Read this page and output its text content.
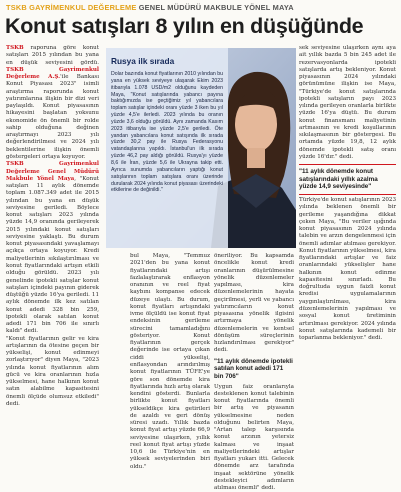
TSKB GAYRİMENKUL DEĞERLEME GENEL MÜDÜRÜ MAKBULE YÖNEL MAYA
Konut satışları 8 yılın en düşüğünde

TSKB raporuna göre konut satışları 2015 yılından bu yana en düşük seviyesini gördü. TSKB Gayrimenkul Değerleme A.Ş.'ile Bankası Konut Piyasası 2023" isimli araştırma raporunda konut yatırımlarına ilişkin bir dizi veri paylaşıldı. Konut piyasasının hikayesini başlatan yoksunu ekonomide ön önemli bir rolde sahip olduğuna değinen araştırmayı 2023 yılı değerlendirilmesi ve 2024 yılı beklentilerine ilişkin önemli göstergeleri ortaya koyuyor.

TSKB Gayrimenkul Değerleme Genel Müdürü Makbule Yönel Maya, "Konut satışları 11 aylık dönemde toplam 1.087.349 adet ile 2015 yılından bu yana en düşük seviyesine geriledi. Böylece konut satışları 2023 yılında yüzde 14,9 oranında gerileyerek 2015 yılındaki konut satışları seviyesine yaklaştı. Bu durum konut piyasasındaki yavaşlamayı açıkça ortaya koyuyor. Kredi maliyetlerinin sıkılaştırılması ve konut fiyatlarındaki artışın etkili olduğu görüldü. 2023 yılı genelinde ipotekli satışlar konut satışları içindeki payının giderek düştüğü yüzde 16'ya geriledi. 11 aylık dönemde ilk kez satılan konut adedi 328 bin 259, ipotekli olarak satılan konut adedi 171 bin 706 ile sınırlı kaldı" dedi.

"Konut fiyatlarının gelir ve kira artışlarının da ötesine geçen bir yükselişi, konut edinmeyi zorlaştırıyor" diyen Maya, "2023 yılında konut fiyatlarının alım gücü ve kira oranlarının hızla yükselmesi, hane halkının konut satın alabilme kapasitesini önemli ölçüde olumsuz etkiledi" dedi.

Rusya ilk sırada

Dolar bazında konut fiyatlarının 2010 yılından bu yana en yüksek seviyeye ulaşarak Ekim 2023 itibarıyla 1.078 USD/m2 olduğunu kaydeden Maya, "Konut satışlarında yabancı payına baktığımızda ise geçtiğimiz yıl yabancılara toplam satışlar içindeki oranı yüzde 3 iken bu yıl yüzde 4,5'e ilerledi. 2023 yılında bu oranın yüzde 3,6 olduğu görüldü. Aynı zamanda Kasım 2023 itibarıyla ise yüzde 2,5'e geriledi. Öte yandan yabancılara konut satışında ilk sırada yüzde 30,2 pay ile Rusya Federasyonu vatandaşlarına yapıldı. İstanbul'un ilk sırada yüzde 46,2 pay aldığı görüldü. Rusya'yı yüzde 8,6 ile İran, yüzde 5,6 ile Ukrayna takip etti. Ayrıca sunumda yabancıların yaptığı konut satışlarının toplam satışlara oranı üzerinde durularak 2024 yılında konut piyasası üzerindeki etkilerine de değinildi."

bul Maya, "Temmuz 2021'den bu yana konut fiyatlarındaki artışı fazlalaştırarak enflasyon oranının ve reel fiyat kaybını kompanse edecek düzeye ulaştı. Bu durum, konut fiyatları artışındaki ivme ölçüldü ise konut fiyat endeksinin gerileme sürecini tamamladığını gösteriyor. Konut fiyatlarının gerçek değerinde ise ortaya çıkan ciddi yükselişi, enflasyondan arındırılmış konut fiyatlarının TÜFE'ye göre son dönemde kira fiyatlarında hızlı artış olarak kendini gösterdi. Bunlarla birlikte konut fiyatları yükseldikçe kira getirileri de azaldı ve geri dönüş süresi uzadı. Yıllık bazda konut fiyat artışı yüzde 66,9 seviyesine ulaşırken, yıllık reel konut fiyat artışı yüzde 10,6 ile Türkiye'nin en yüksek seviyelerinden biri oldu."

öneriliyor. Bu kapsamda öncelikle konut kredi oranlarının düşürülmesine yönelik düzenlemeler yapılması, kira düzenlemelerinin hayata geçirilmesi, yerli ve yabancı yatırımcıların konut piyasasına yönelik ilgisini artırmaya yönelik düzenlemelerin ve kentsel dönüşüm süreçlerinin hızlandırılması gerekiyor" dedi.

"11 aylık dönemde ipotekli satılan konut adedi 171 bin 706"

Uygun faiz oranlarıyla desteklenen konut talebinin konut fiyatlarında önemli bir artış ve piyasanın yükselmesine neden olduğunu belirten Maya, "Artan talep karşısında konut arzının yetersiz kalması ve inşaat maliyetlerindeki artışlar fiyatları yukarı itti. Gelecek dönemde arz tarafında inşaat sektörüne yönelik destekleyici adımların atılması önemli" dedi.

sek seviyesine ulaşırken aynı aya ait yıllık bazda 5 bin 245 adet ile rezervasyonlarda ipotekli satışlarda artış bekleniyor. Konut piyasasının 2024 yılındaki görünümüne ilişkin ise Maya, "Türkiye'de konut satışlarında ipotekli satışların payı 2023 yılında gerileyen oranlarla birlikte yüzde 16'ya düştü. Bu durum konut finansmanı maliyetinin artmasının ve kredi koşullarının sıkılaşmasının bir göstergesi. Bu ortamda yüzde 19,8, 12 aylık dönemde ipotekli satış oranı yüzde 16'dır." dedi.

"11 aylık dönemde konut satışlarındaki yıllık azalma yüzde 14,9 seviyesinde"

Türkiye'de konut satışlarının 2023 yılında beklenen önemli bir gerileme yaşandığına dikkat çeken Maya, "Bu veriler ışığında konut piyasasının 2024 yılında talebin ve arzın dengelenmesi için önemli adımlar atılması gerekiyor. Konut fiyatlarının yükselmesi, kira fiyatlarındaki artışlar ve faiz oranlarındaki yükselişler hane halkının konut edinme kapasitesini sınırladı. Bu doğrultuda uygun faizli konut kredisi uygulamalarının yaygınlaştırılması, kira düzenlemelerinin yapılması ve sosyal konut üretiminin artırılması gerekiyor. 2024 yılında konut satışlarında kademeli bir toparlanma bekleniyor." dedi.
